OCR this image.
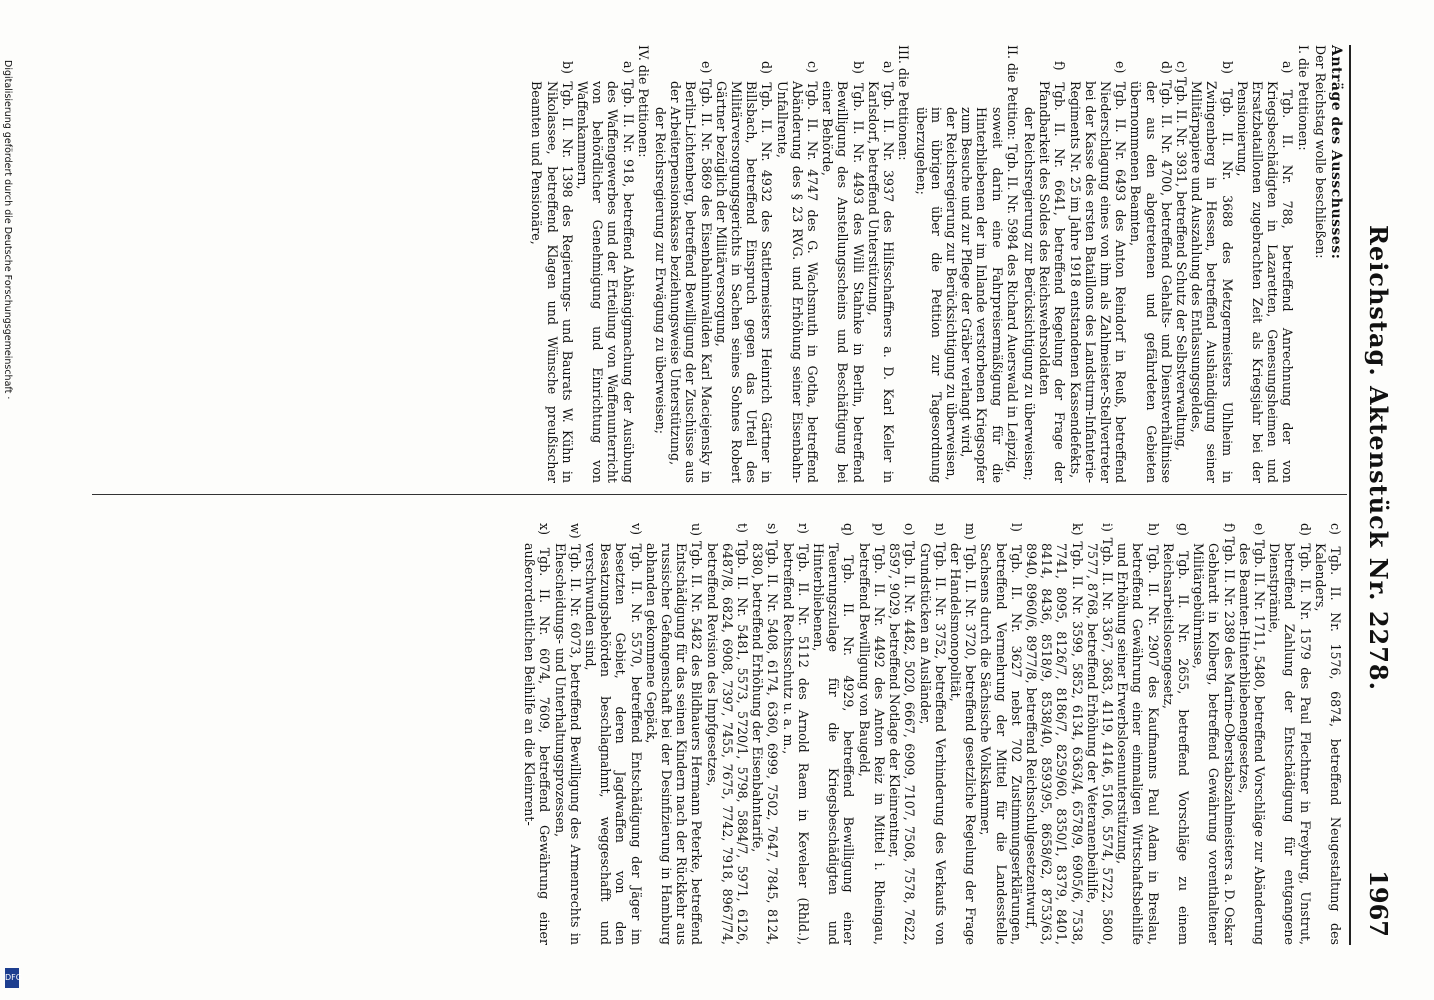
Reichstag. Aktenstück Nr. 2278.
1967

Anträge des Ausschusses:

Der Reichstag wolle beschließen:

I. die Petitionen:

a) Tgb. II. Nr. 788, betreffend Anrechnung der von Kriegsbeschädigten in Lazaretten, Genesungsheimen und Ersatzbataillonen zugebrachten Zeit als Kriegsjahr bei der Pensionierung,

b) Tgb. II. Nr. 3688 des Metzgermeisters Uhlheim in Zwingenberg in Hessen, betreffend Aushändigung seiner Militärpapiere und Auszahlung des Entlassungsgeldes,

c) Tgb. II. Nr. 3931, betreffend Schutz der Selbstverwaltung,

d) Tgb. II. Nr. 4700, betreffend Gehalts- und Dienstverhältnisse der aus den abgetretenen und gefährdeten Gebieten übernommenen Beamten,

e) Tgb. II. Nr. 6493 des Anton Reindorf in Reuß, betreffend Niederschlagung eines von ihm als Zahlmeister-Stellvertreter bei der Kasse des ersten Bataillons des Landsturm-Infanterie-Regiments Nr. 25 im Jahre 1918 entstandenen Kassendefekts,

f) Tgb. II. Nr. 6641, betreffend Regelung der Frage der Pfandbarkeit des Soldes des Reichswehrsoldaten

der Reichsregierung zur Berücksichtigung zu überweisen;

II. die Petition: Tgb. II. Nr. 5984 des Richard Auerswald in Leipzig,

soweit darin eine Fahrpreisermäßigung für die Hinterbliebenen der im Inlande verstorbenen Kriegsopfer zum Besuche und zur Pflege der Gräber verlangt wird,

der Reichsregierung zur Berücksichtigung zu überweisen,

im übrigen über die Petition zur Tagesordnung überzugehen;

III. die Petitionen:

a) Tgb. II. Nr. 3937 des Hilfsschaffners a. D. Karl Keller in Karlsdorf, betreffend Unterstützung,

b) Tgb. II. Nr. 4493 des Willi Stahnke in Berlin, betreffend Bewilligung des Anstellungsscheins und Beschäftigung bei einer Behörde,

c) Tgb. II. Nr. 4747 des G. Wachsmuth in Gotha, betreffend Abänderung des § 23 RVG. und Erhöhung seiner Eisenbahn-Unfallrente,

d) Tgb. II. Nr. 4932 des Sattlermeisters Heinrich Gärtner in Billsbach, betreffend Einspruch gegen das Urteil des Militärversorgungsgerichts in Sachen seines Sohnes Robert Gärtner bezüglich der Militärversorgung,

e) Tgb. II. Nr. 5869 des Eisenbahninvaliden Karl Maciejensky in Berlin-Lichtenberg, betreffend Bewilligung der Zuschüsse aus der Arbeiterpensionskasse beziehungsweise Unterstützung,

der Reichsregierung zur Erwägung zu überweisen;

IV. die Petitionen:

a) Tgb. II. Nr. 918, betreffend Abhängigmachung der Ausübung des Waffengewerbes und der Erteilung von Waffenunterricht von behördlicher Genehmigung und Einrichtung von Waffenkammern,

b) Tgb. II. Nr. 1398 des Regierungs- und Baurats W. Kühn in Nikolassee, betreffend Klagen und Wünsche preußischer Beamten und Pensionäre,

c) Tgb. II. Nr. 1576, 6874, betreffend Neugestaltung des Kalenders,

d) Tgb. II. Nr. 1579 des Paul Flechtner in Freyburg, Unstrut, betreffend Zahlung der Entschädigung für entgangene Dienstprämie,

e) Tgb. II. Nr. 1711, 5480, betreffend Vorschläge zur Abänderung des Beamten-Hinterbliebenengesetzes,

f) Tgb. II. Nr. 2389 des Marine-Oberstabszahlmeisters a. D. Oskar Gebhardt in Kolberg, betreffend Gewährung vorenthaltener Militärgebührnisse,

g) Tgb. II. Nr. 2655, betreffend Vorschläge zu einem Reichsarbeitslosengesetz,

h) Tgb. II. Nr. 2907 des Kaufmanns Paul Adam in Breslau, betreffend Gewährung einer einmaligen Wirtschaftsbeihilfe und Erhöhung seiner Erwerbslosenunterstützung,

i) Tgb. II. Nr. 3367, 3683, 4119, 4146, 5106, 5574, 5722, 5800, 7577, 8768, betreffend Erhöhung der Veteranenbeihilfe,

k) Tgb. II. Nr. 3599, 5852, 6134, 6363/4, 6578/9, 6905/6, 7538, 7741, 8095, 8126/7, 8186/7, 8259/60, 8350/1, 8379, 8401, 8414, 8436, 8518/9, 8538/40, 8593/95, 8658/62, 8753/63, 8940, 8960/6, 8977/8, betreffend Reichsschulgesetzentwurf,

l) Tgb. II. Nr. 3627 nebst 702 Zustimmungserklärungen, betreffend Vermehrung der Mittel für die Landesstelle Sachsens durch die Sächsische Volkskammer,

m) Tgb. II. Nr. 3720, betreffend gesetzliche Regelung der Frage der Handelsmonopolität,

n) Tgb. II. Nr. 3752, betreffend Verhinderung des Verkaufs von Grundstücken an Ausländer,

o) Tgb. II. Nr. 4482, 5020, 6667, 6909, 7107, 7508, 7578, 7622, 8597, 9029, betreffend Notlage der Kleinrentner,

p) Tgb. II. Nr. 4492 des Anton Reiz in Mittel i. Rheingau, betreffend Bewilligung von Baugeld,

q) Tgb. II. Nr. 4929, betreffend Bewilligung einer Teuerungszulage für die Kriegsbeschädigten und Hinterbliebenen,

r) Tgb. II. Nr. 5112 des Arnold Raem in Kevelaer (Rhld.), betreffend Rechtsschutz u. a. m.,

s) Tgb. II. Nr. 5408, 6174, 6360, 6999, 7502, 7647, 7845, 8124, 8380, betreffend Erhöhung der Eisenbahntarife,

t) Tgb. II. Nr. 5481, 5573, 5720/1, 5798, 5884/7, 5971, 6126, 6487/8, 6824, 6908, 7397, 7455, 7675, 7742, 7918, 8967/74, betreffend Revision des Impfgesetzes,

u) Tgb. II. Nr. 5482 des Bildhauers Hermann Peterke, betreffend Entschädigung für das seinen Kindern nach der Rückkehr aus russischer Gefangenschaft bei der Desinfizierung in Hamburg abhanden gekommene Gepäck,

v) Tgb. II. Nr. 5570, betreffend Entschädigung der Jäger im besetzten Gebiet, deren Jagdwaffen von den Besatzungsbehörden beschlagnahmt, weggeschafft und verschwunden sind,

w) Tgb. II. Nr. 6073, betreffend Bewilligung des Armenrechts in Ehescheidungs- und Unterhaltungsprozessen,

x) Tgb. II. Nr. 6074, 7609, betreffend Gewährung einer außerordentlichen Beihilfe an die Kleinrent-

Digitalisierung gefördert durch die Deutsche Forschungsgemeinschaft ·
DFG
